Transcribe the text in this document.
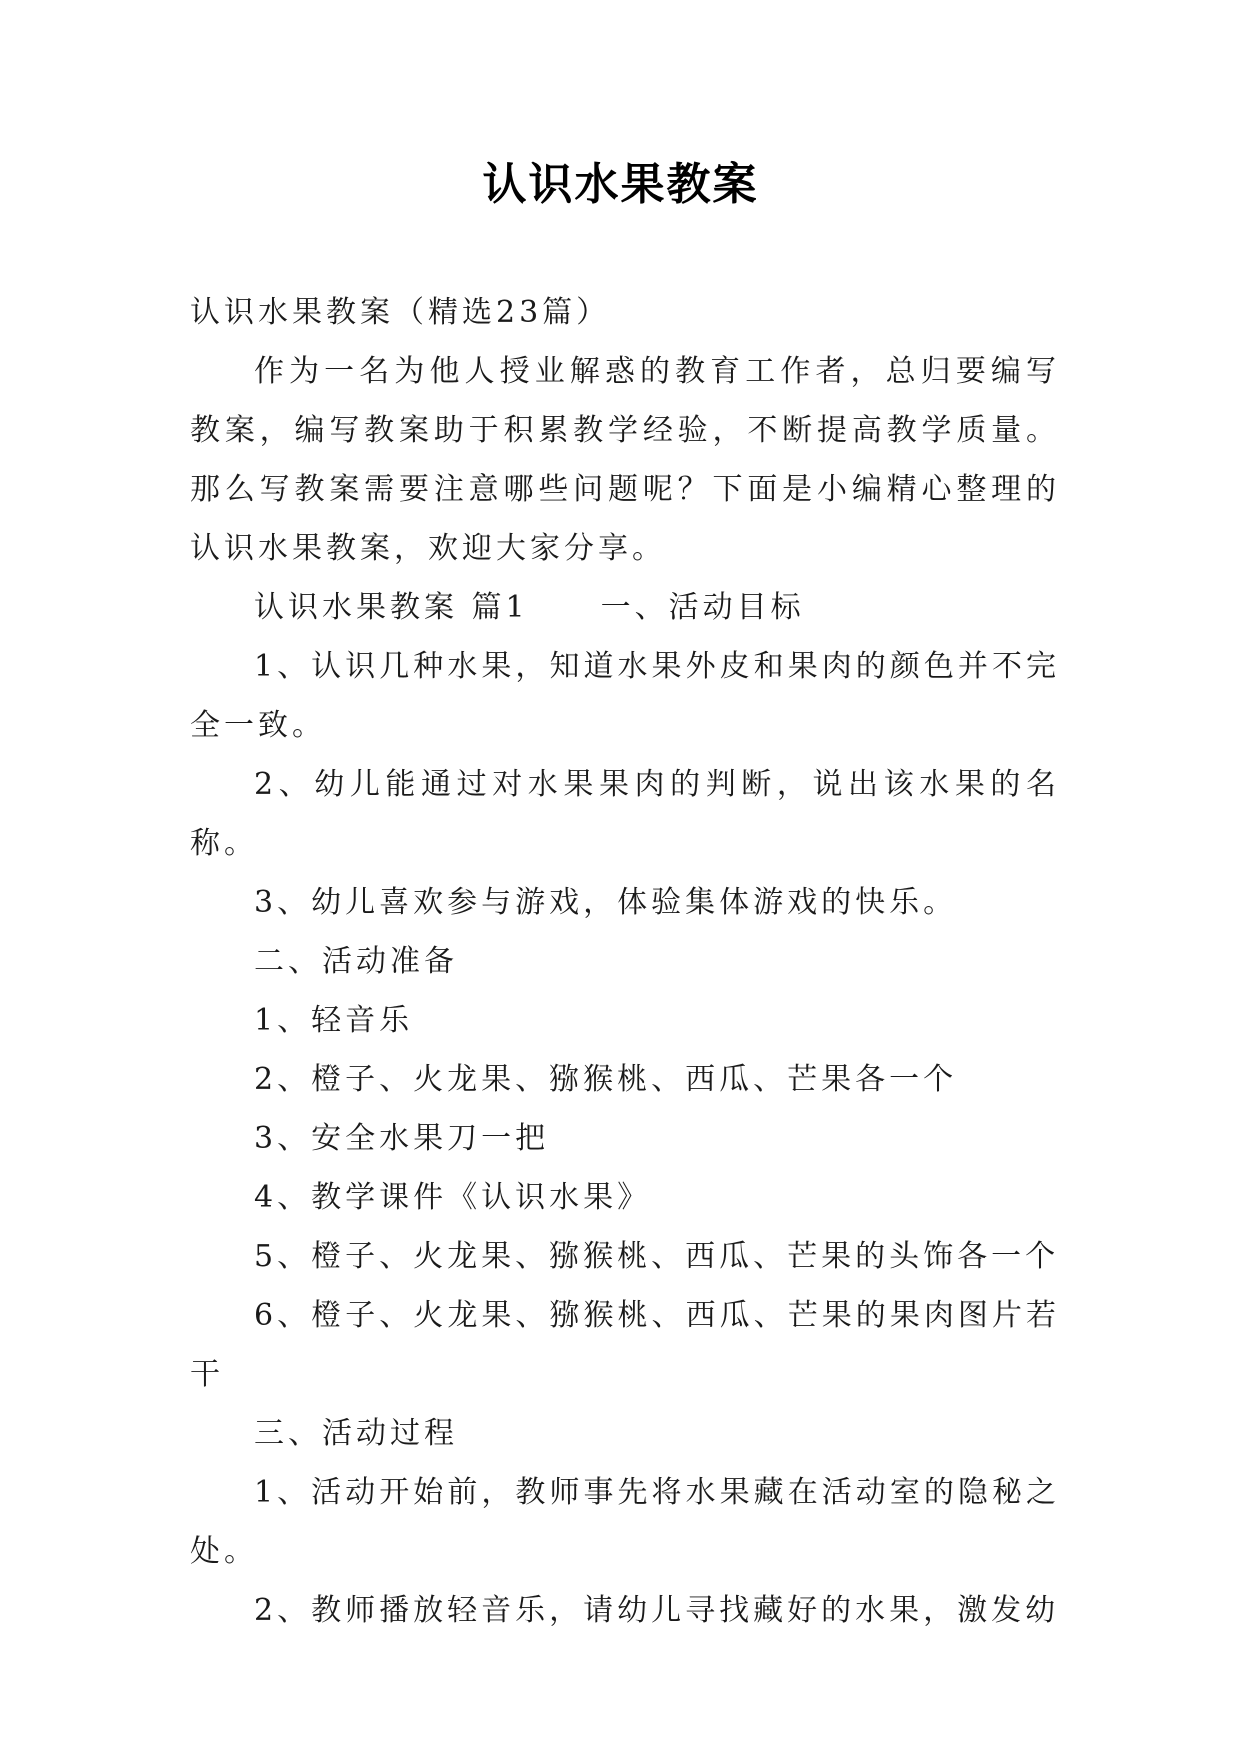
认识水果教案

认识水果教案（精选23篇）

作为一名为他人授业解惑的教育工作者，总归要编写教案，编写教案助于积累教学经验，不断提高教学质量。那么写教案需要注意哪些问题呢？下面是小编精心整理的认识水果教案，欢迎大家分享。

认识水果教案 篇1 一、活动目标

1、认识几种水果，知道水果外皮和果肉的颜色并不完全一致。

2、幼儿能通过对水果果肉的判断，说出该水果的名称。

3、幼儿喜欢参与游戏，体验集体游戏的快乐。

二、活动准备

1、轻音乐

2、橙子、火龙果、猕猴桃、西瓜、芒果各一个

3、安全水果刀一把

4、教学课件《认识水果》

5、橙子、火龙果、猕猴桃、西瓜、芒果的头饰各一个

6、橙子、火龙果、猕猴桃、西瓜、芒果的果肉图片若干

三、活动过程

1、活动开始前，教师事先将水果藏在活动室的隐秘之处。

2、教师播放轻音乐，请幼儿寻找藏好的水果，激发幼
